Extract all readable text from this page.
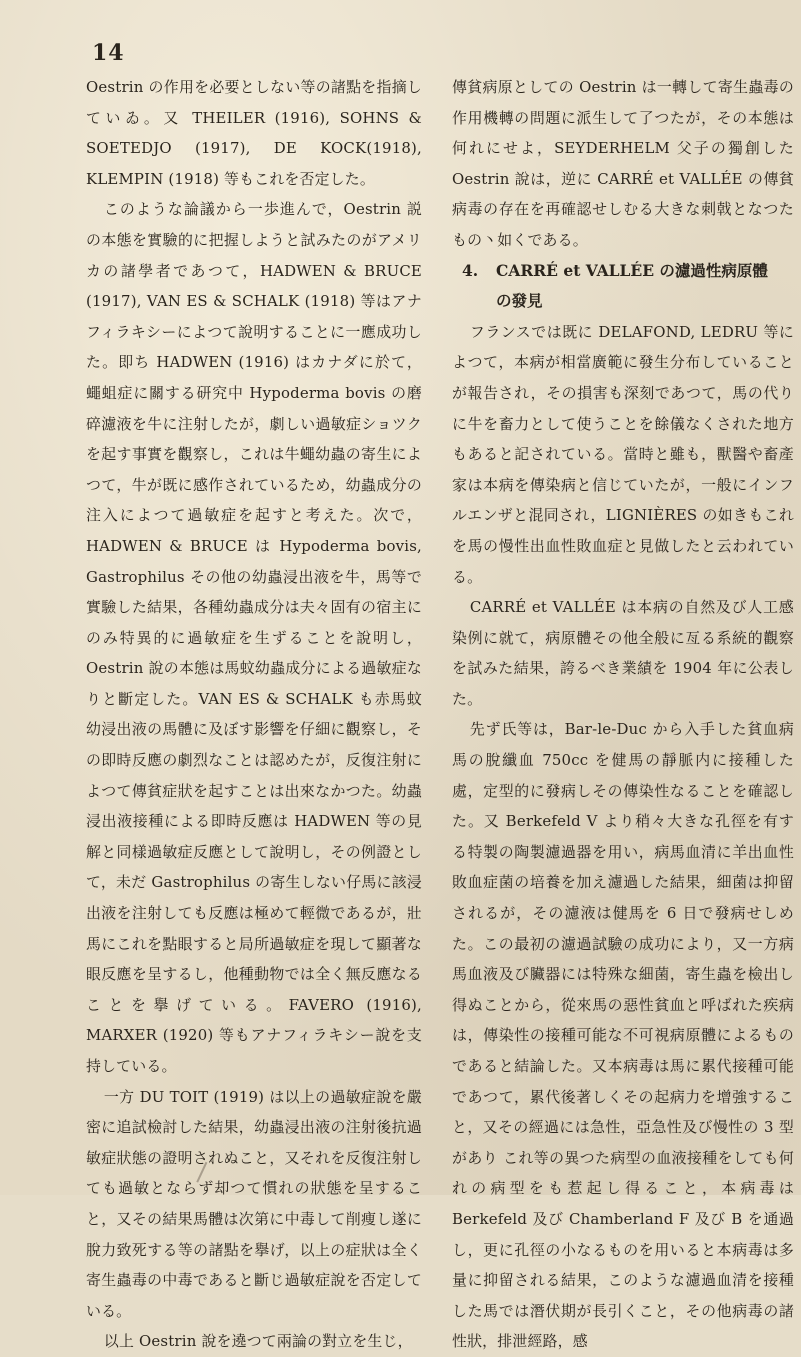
14

Oestrin の作用を必要としない等の諸點を指摘していゐ。又 THEILER (1916), SOHNS & SOETEDJO (1917), DE KOCK(1918), KLEMPIN (1918) 等もこれを否定した。

このような論議から一歩進んで，Oestrin 説の本態を實驗的に把握しようと試みたのがアメリカの諸學者であつて，HADWEN & BRUCE (1917), VAN ES & SCHALK (1918) 等はアナフィラキシーによつて說明することに一應成功した。即ち HADWEN (1916) はカナダに於て，蠅蛆症に關する研究中 Hypoderma bovis の磨碎濾液を牛に注射したが，劇しい過敏症ショツクを起す事實を觀察し，これは牛蠅幼蟲の寄生によつて，牛が既に感作されているため，幼蟲成分の注入によつて過敏症を起すと考えた。次で，HADWEN & BRUCE は Hypoderma bovis, Gastrophilus その他の幼蟲浸出液を牛，馬等で實驗した結果，各種幼蟲成分は夫々固有の宿主にのみ特異的に過敏症を生ずることを說明し，Oestrin 說の本態は馬蚊幼蟲成分による過敏症なりと斷定した。VAN ES & SCHALK も赤馬蚊幼浸出液の馬體に及ぼす影響を仔細に觀察し，その即時反應の劇烈なことは認めたが，反復注射によつて傳貧症狀を起すことは出來なかつた。幼蟲浸出液接種による即時反應は HADWEN 等の見解と同樣過敏症反應として說明し，その例證として，未だ Gastrophilus の寄生しない仔馬に該浸出液を注射しても反應は極めて輕微であるが，壯馬にこれを點眼すると局所過敏症を現して顯著な眼反應を呈するし，他種動物では全く無反應なることを擧げている。FAVERO (1916), MARXER (1920) 等もアナフィラキシー說を支持している。

一方 DU TOIT (1919) は以上の過敏症說を嚴密に追試檢討した結果，幼蟲浸出液の注射後抗過敏症狀態の證明されぬこと，又それを反復注射しても過敏とならず却つて慣れの狀態を呈すること，又その結果馬體は次第に中毒して削痩し遂に脫力致死する等の諸點を擧げ，以上の症狀は全く寄生蟲毒の中毒であると斷じ過敏症說を否定している。

以上 Oestrin 說を遶つて兩論の對立を生じ，

傳貧病原としての Oestrin は一轉して寄生蟲毒の作用機轉の問題に派生して了つたが，その本態は何れにせよ，SEYDERHELM 父子の獨創した Oestrin 說は，逆に CARRÉ et VALLÉE の傳貧病毒の存在を再確認せしむる大きな刺戟となつたもの丶如くである。

4. CARRÉ et VALLÉE の濾過性病原體
の發見

フランスでは既に DELAFOND, LEDRU 等によつて，本病が相當廣範に發生分布していること が報告され，その損害も深刻であつて，馬の代りに牛を畜力として使うことを餘儀なくされた地方もあると記されている。當時と雖も，獸醫や畜產家は本病を傳染病と信じていたが，一般にインフルエンザと混同され，LIGNIÈRES の如きもこれを馬の慢性出血性敗血症と見做したと云われている。

CARRÉ et VALLÉE は本病の自然及び人工感染例に就て，病原體その他全般に亙る系統的觀察を試みた結果，誇るべき業績を 1904 年に公表した。

先ず氏等は，Bar-le-Duc から入手した貧血病馬の脫纖血 750cc を健馬の靜脈内に接種した處，定型的に發病しその傳染性なることを確認した。又 Berkefeld V より稍々大きな孔徑を有する特製の陶製濾過器を用い，病馬血清に羊出血性敗血症菌の培養を加え濾過した結果，細菌は抑留されるが，その濾液は健馬を 6 日で發病せしめた。この最初の濾過試驗の成功により，又一方病馬血液及び臟器には特殊な細菌，寄生蟲を檢出し得ぬことから，從來馬の惡性貧血と呼ばれた疾病は，傳染性の接種可能な不可視病原體によるものであると結論した。又本病毒は馬に累代接種可能であつて，累代後著しくその起病力を增強すること，又その經過には急性，亞急性及び慢性の 3 型があり これ等の異つた病型の血液接種をしても何れの病型をも惹起し得ること，本病毒は Berkefeld 及び Chamberland F 及び B を通過し，更に孔徑の小なるものを用いると本病毒は多量に抑留される結果，このような濾過血清を接種した馬では潛伏期が長引くこと，その他病毒の諸性狀，排泄經路，感
